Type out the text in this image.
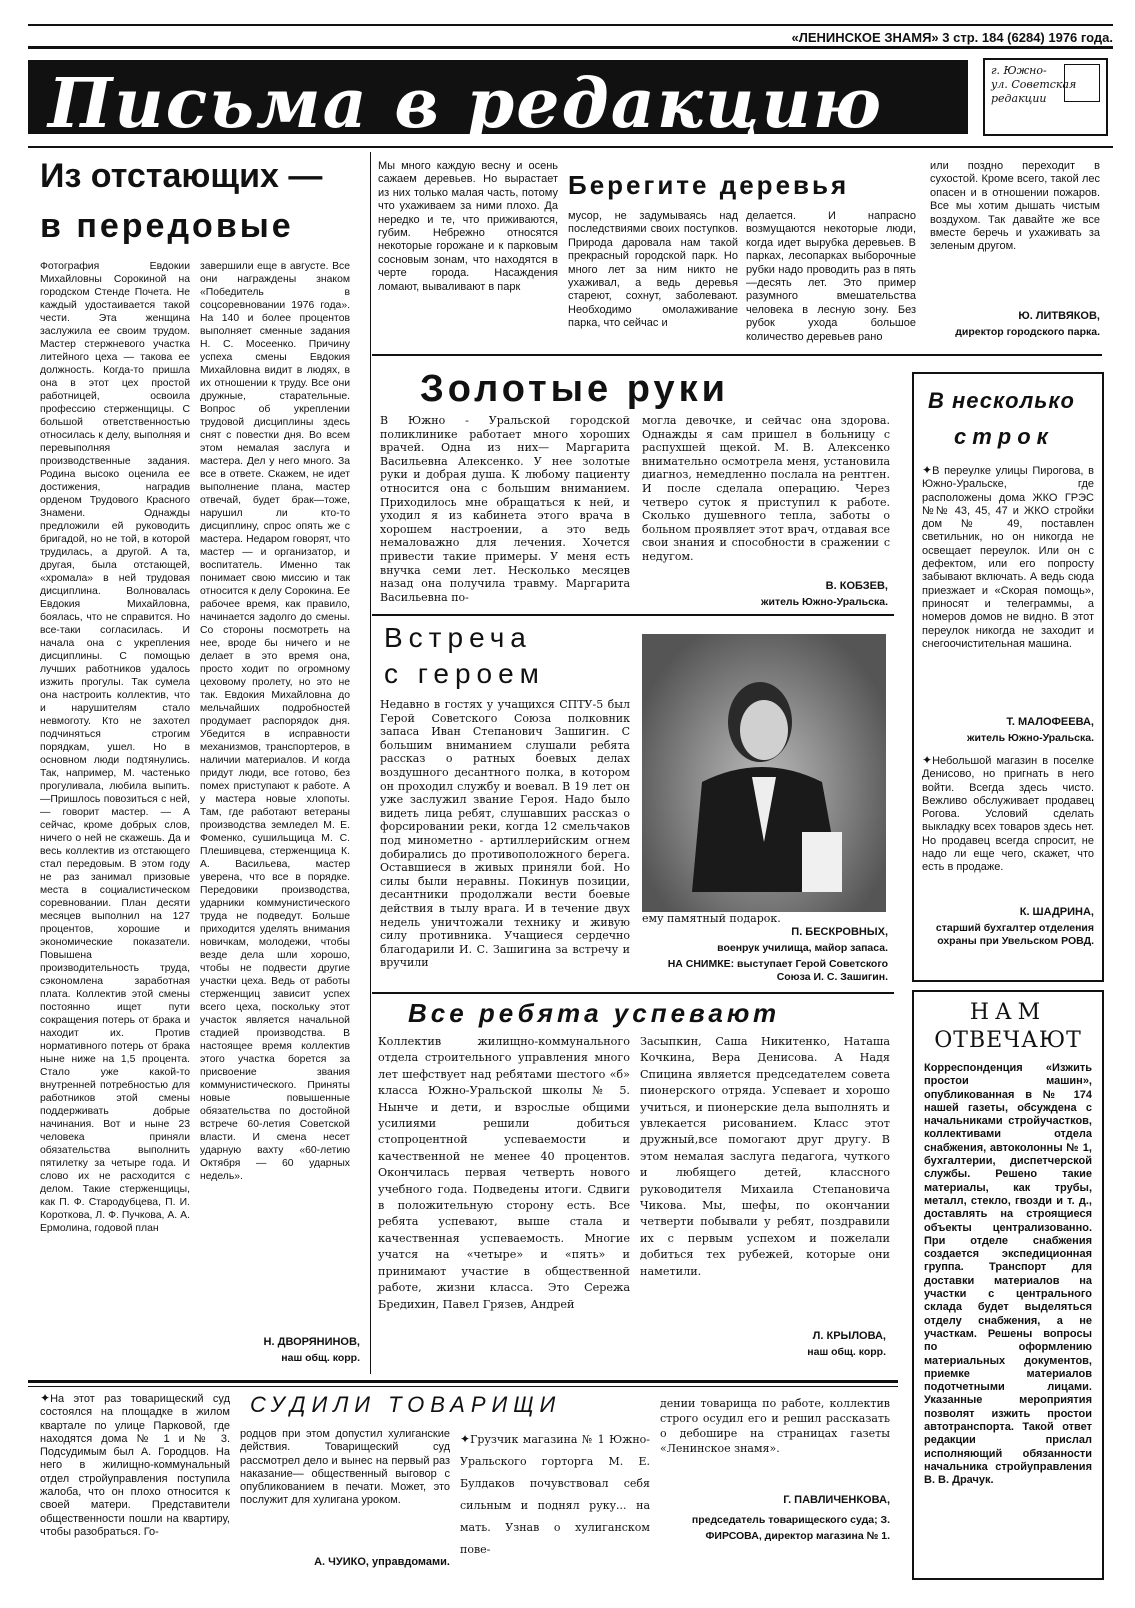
«ЛЕНИНСКОЕ ЗНАМЯ» 3 стр. 184 (6284) 1976 года.
Письма в редакцию	г. Южно-
ул. Советская
редакции
Из отстающих —
в передовые
Фотография Евдокии Михайловны Сорокиной на городском Стенде Почета. Не каждый удостаивается такой чести. Эта женщина заслужила ее своим трудом. Мастер стержневого участка литейного цеха — такова ее должность. Когда-то пришла она в этот цех простой работницей, освоила профессию стерженщицы. С большой ответственностью относилась к делу, выполняя и перевыполняя производственные задания. Родина высоко оценила ее достижения, наградив орденом Трудового Красного Знамени. Однажды предложили ей руководить бригадой, но не той, в которой трудилась, а другой. А та, другая, была отстающей, «хромала» в ней трудовая дисциплина. Волновалась Евдокия Михайловна, боялась, что не справится. Но все-таки согласилась. И начала она с укрепления дисциплины. С помощью лучших работников удалось изжить прогулы. Так сумела она настроить коллектив, что и нарушителям стало невмоготу. Кто не захотел подчиняться строгим порядкам, ушел. Но в основном люди подтянулись. Так, например, М. частенько прогуливала, любила выпить. —Пришлось повозиться с ней, — говорит мастер. — А сейчас, кроме добрых слов, ничего о ней не скажешь. Да и весь коллектив из отстающего стал передовым. В этом году не раз занимал призовые места в социалистическом соревновании. План десяти месяцев выполнил на 127 процентов, хорошие и экономические показатели. Повышена производительность труда, сэкономлена заработная плата. Коллектив этой смены постоянно ищет пути сокращения потерь от брака и находит их. Против нормативного потерь от брака ныне ниже на 1,5 процента. Стало уже какой-то внутренней потребностью для работников этой смены поддерживать добрые начинания. Вот и ныне 23 человека приняли обязательства выполнить пятилетку за четыре года. И слово их не расходится с делом. Такие стерженщицы, как П. Ф. Стародубцева, П. И. Короткова, Л. Ф. Пучкова, А. А. Ермолина, годовой план
завершили еще в августе. Все они награждены знаком «Победитель в соцсоревновании 1976 года». На 140 и более процентов выполняет сменные задания Н. С. Мосеенко. Причину успеха смены Евдокия Михайловна видит в людях, в их отношении к труду. Все они дружные, старательные. Вопрос об укреплении трудовой дисциплины здесь снят с повестки дня. Во всем этом немалая заслуга и мастера. Дел у него много. За все в ответе. Скажем, не идет выполнение плана, мастер отвечай, будет брак—тоже, нарушил ли кто-то дисциплину, спрос опять же с мастера. Недаром говорят, что мастер — и организатор, и воспитатель. Именно так понимает свою миссию и так относится к делу Сорокина. Ее рабочее время, как правило, начинается задолго до смены. Со стороны посмотреть на нее, вроде бы ничего и не делает в это время она, просто ходит по огромному цеховому пролету, но это не так. Евдокия Михайловна до мельчайших подробностей продумает распорядок дня. Убедится в исправности механизмов, транспортеров, в наличии материалов. И когда придут люди, все готово, без помех приступают к работе. А у мастера новые хлопоты. Там, где работают ветераны производства земледел М. Е. Фоменко, сушильщица М. С. Плешивцева, стерженщица К. А. Васильева, мастер уверена, что все в порядке. Передовики производства, ударники коммунистического труда не подведут. Больше приходится уделять внимания новичкам, молодежи, чтобы везде дела шли хорошо, чтобы не подвести другие участки цеха. Ведь от работы стерженщиц зависит успех всего цеха, поскольку этот участок является начальной стадией производства. В настоящее время коллектив этого участка борется за присвоение звания коммунистического. Приняты новые повышенные обязательства по достойной встрече 60-летия Советской власти. И смена несет ударную вахту «60-летию Октября — 60 ударных недель».
Н. ДВОРЯНИНОВ,
наш общ. корр.
Мы много каждую весну и осень сажаем деревьев. Но вырастает из них только малая часть, потому что ухаживаем за ними плохо. Да нередко и те, что приживаются, губим. Небрежно относятся некоторые горожане и к парковым сосновым зонам, что находятся в черте города. Насаждения ломают, вываливают в парк
Берегите деревья
мусор, не задумываясь над последствиями своих поступков. Природа даровала нам такой прекрасный городской парк. Но много лет за ним никто не ухаживал, а ведь деревья стареют, сохнут, заболевают. Необходимо омолаживание парка, что сейчас и
делается. И напрасно возмущаются некоторые люди, когда идет вырубка деревьев. В парках, лесопарках выборочные рубки надо проводить раз в пять —десять лет. Это пример разумного вмешательства человека в лесную зону. Без рубок ухода большое количество деревьев рано
или поздно переходит в сухостой. Кроме всего, такой лес опасен и в отношении пожаров. Все мы хотим дышать чистым воздухом. Так давайте же все вместе беречь и ухаживать за зеленым другом.
Ю. ЛИТВЯКОВ,
директор городского парка.
Золотые руки
В Южно - Уральской городской поликлинике работает много хороших врачей. Одна из них— Маргарита Васильевна Алексенко. У нее золотые руки и добрая душа. К любому пациенту относится она с большим вниманием. Приходилось мне обращаться к ней, и уходил я из кабинета этого врача в хорошем настроении, а это ведь немаловажно для лечения. Хочется привести такие примеры. У меня есть внучка семи лет. Несколько месяцев назад она получила травму. Маргарита Васильевна по-
могла девочке, и сейчас она здорова. Однажды я сам пришел в больницу с распухшей щекой. М. В. Алексенко внимательно осмотрела меня, установила диагноз, немедленно послала на рентген. И после сделала операцию. Через четверо суток я приступил к работе. Сколько душевного тепла, заботы о больном проявляет этот врач, отдавая все свои знания и способности в сражении с недугом.
В. КОБЗЕВ,
житель Южно-Уральска.
Встреча
с героем
Недавно в гостях у учащихся СПТУ-5 был Герой Советского Союза полковник запаса Иван Степанович Зашигин. С большим вниманием слушали ребята рассказ о ратных боевых делах воздушного десантного полка, в котором он проходил службу и воевал. В 19 лет он уже заслужил звание Героя. Надо было видеть лица ребят, слушавших рассказ о форсировании реки, когда 12 смельчаков под минометно - артиллерийским огнем добирались до противоположного берега. Оставшиеся в живых приняли бой. Но силы были неравны. Покинув позиции, десантники продолжали вести боевые действия в тылу врага. И в течение двух недель уничтожали технику и живую силу противника. Учащиеся сердечно благодарили И. С. Зашигина за встречу и вручили
ему памятный подарок.
П. БЕСКРОВНЫХ,
военрук училища, майор запаса.
НА СНИМКЕ: выступает Герой Советского Союза И. С. Зашигин.
Все ребята успевают
Коллектив жилищно-коммунального отдела строительного управления много лет шефствует над ребятами шестого «б» класса Южно-Уральской школы № 5. Нынче и дети, и взрослые общими усилиями решили добиться стопроцентной успеваемости и качественной не менее 40 процентов. Окончилась первая четверть нового учебного года. Подведены итоги. Сдвиги в положительную сторону есть. Все ребята успевают, выше стала и качественная успеваемость. Многие учатся на «четыре» и «пять» и принимают участие в общественной работе, жизни класса. Это Сережа Бредихин, Павел Грязев, Андрей
Засыпкин, Саша Никитенко, Наташа Кочкина, Вера Денисова. А Надя Спицина является председателем совета пионерского отряда. Успевает и хорошо учиться, и пионерские дела выполнять и увлекается рисованием. Класс этот дружный,все помогают друг другу. В этом немалая заслуга педагога, чуткого и любящего детей, классного руководителя Михаила Степановича Чикова. Мы, шефы, по окончании четверти побывали у ребят, поздравили их с первым успехом и пожелали добиться тех рубежей, которые они наметили.
Л. КРЫЛОВА,
наш общ. корр.
В несколько
строк
✦В переулке улицы Пирогова, в Южно-Уральске, где расположены дома ЖКО ГРЭС №№ 43, 45, 47 и ЖКО стройки дом № 49, поставлен светильник, но он никогда не освещает переулок. Или он с дефектом, или его попросту забывают включать. А ведь сюда приезжает и «Скорая помощь», приносят и телеграммы, а номеров домов не видно. В этот переулок никогда не заходит и снегоочистительная машина.
Т. МАЛОФЕЕВА,
житель Южно-Уральска.
✦Небольшой магазин в поселке Денисово, но пригнать в него войти. Всегда здесь чисто. Вежливо обслуживает продавец Рогова. Условий сделать выкладку всех товаров здесь нет. Но продавец всегда спросит, не надо ли еще чего, скажет, что есть в продаже.
К. ШАДРИНА,
старший бухгалтер отделения охраны при Увельском РОВД.
НАМ
ОТВЕЧАЮТ
Корреспонденция «Изжить простои машин», опубликованная в № 174 нашей газеты, обсуждена с начальниками стройучастков, коллективами отдела снабжения, автоколонны № 1, бухгалтерии, диспетчерской службы. Решено такие материалы, как трубы, металл, стекло, гвозди и т. д., доставлять на строящиеся объекты централизованно. При отделе снабжения создается экспедиционная группа. Транспорт для доставки материалов на участки с центрального склада будет выделяться отделу снабжения, а не участкам. Решены вопросы по оформлению материальных документов, приемке материалов подотчетными лицами. Указанные мероприятия позволят изжить простои автотранспорта. Такой ответ редакции прислал исполняющий обязанности начальника стройуправления В. В. Драчук.
✦На этот раз товарищеский суд состоялся на площадке в жилом квартале по улице Парковой, где находятся дома № 1 и № 3. Подсудимым был А. Городцов. На него в жилищно-коммунальный отдел стройуправления поступила жалоба, что он плохо относится к своей матери. Представители общественности пошли на квартиру, чтобы разобраться. Го-
СУДИЛИ ТОВАРИЩИ
родцов при этом допустил хулиганские действия. Товарищеский суд рассмотрел дело и вынес на первый раз наказание— общественный выговор с опубликованием в печати. Может, это послужит для хулигана уроком.
А. ЧУИКО, управдомами.
✦Грузчик магазина № 1 Южно-Уральского горторга М. Е. Булдаков почувствовал себя сильным и поднял руку... на мать. Узнав о хулиганском пове-
дении товарища по работе, коллектив строго осудил его и решил рассказать о дебошире на страницах газеты «Ленинское знамя».
Г. ПАВЛИЧЕНКОВА,
председатель товарищеского суда; З. ФИРСОВА, директор магазина № 1.
